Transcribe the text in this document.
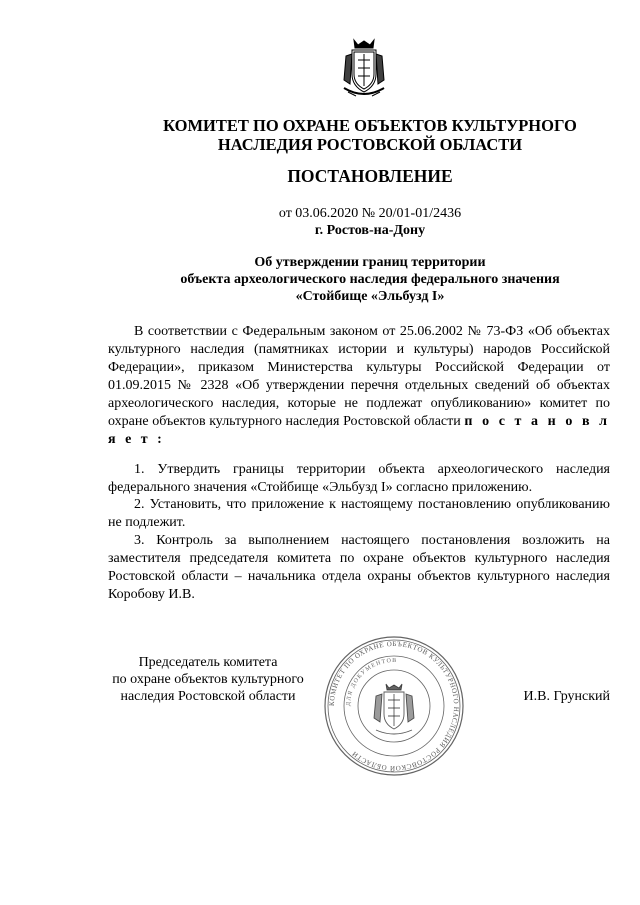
КОМИТЕТ ПО ОХРАНЕ ОБЪЕКТОВ КУЛЬТУРНОГО
НАСЛЕДИЯ РОСТОВСКОЙ ОБЛАСТИ
ПОСТАНОВЛЕНИЕ
от 03.06.2020 № 20/01-01/2436
г. Ростов-на-Дону
Об утверждении границ территории
объекта археологического наследия федерального значения
«Стойбище «Эльбузд I»

В соответствии с Федеральным законом от 25.06.2002 № 73-ФЗ «Об объектах культурного наследия (памятниках истории и культуры) народов Российской Федерации», приказом Министерства культуры Российской Федерации от 01.09.2015 № 2328 «Об утверждении перечня отдельных сведений об объектах археологического наследия, которые не подлежат опубликованию» комитет по охране объектов культурного наследия Ростовской области п о с т а н о в л я е т :

1. Утвердить границы территории объекта археологического наследия федерального значения «Стойбище «Эльбузд I» согласно приложению.

2. Установить, что приложение к настоящему постановлению опубликованию не подлежит.

3. Контроль за выполнением настоящего постановления возложить на заместителя председателя комитета по охране объектов культурного наследия Ростовской области – начальника отдела охраны объектов культурного наследия Коробову И.В.

КОМИТЕТ ПО ОХРАНЕ ОБЪЕКТОВ КУЛЬТУРНОГО НАСЛЕДИЯ РОСТОВСКОЙ ОБЛАСТИ
ДЛЯ ДОКУМЕНТОВ
Председатель комитета
по охране объектов культурного
наследия Ростовской области	И.В. Грунский
